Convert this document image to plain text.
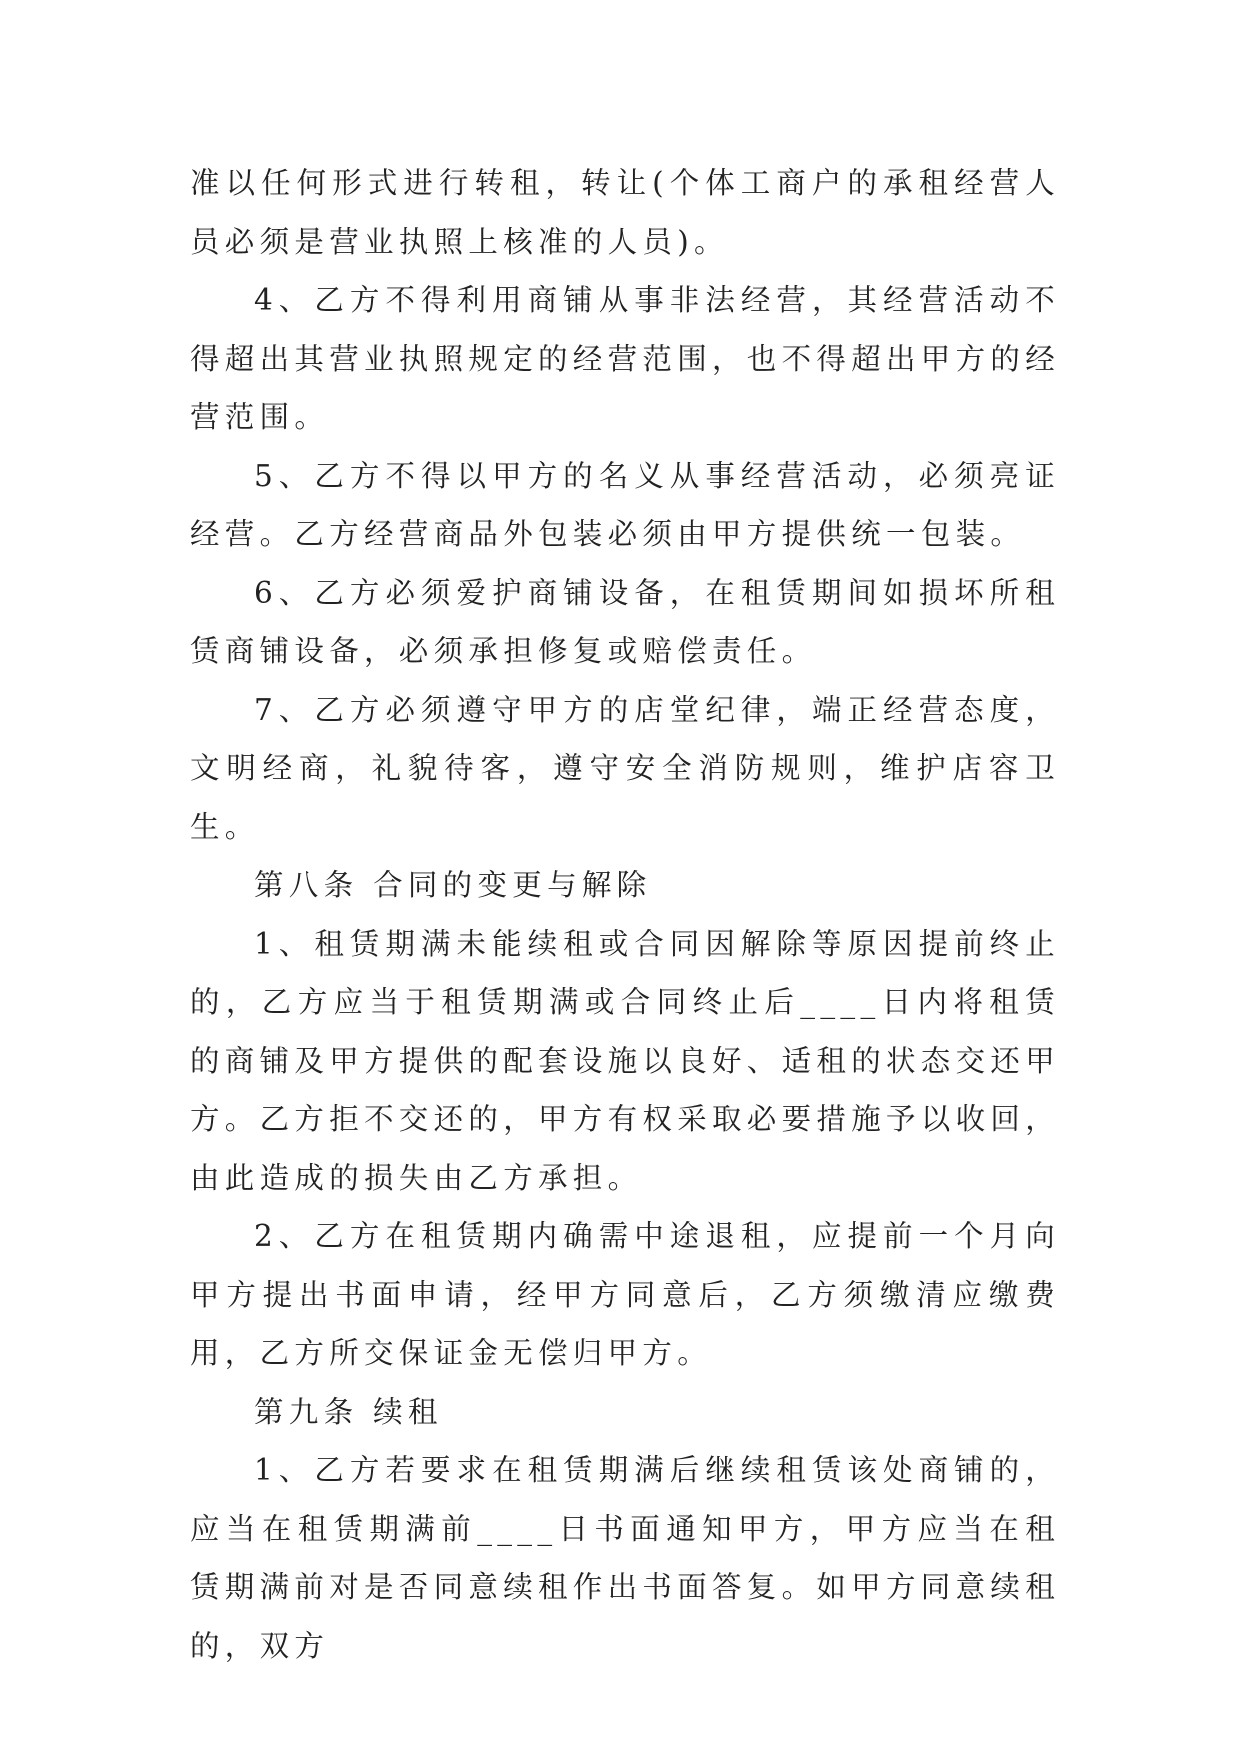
准以任何形式进行转租，转让(个体工商户的承租经营人员必须是营业执照上核准的人员)。

4、乙方不得利用商铺从事非法经营，其经营活动不得超出其营业执照规定的经营范围，也不得超出甲方的经营范围。

5、乙方不得以甲方的名义从事经营活动，必须亮证经营。乙方经营商品外包装必须由甲方提供统一包装。

6、乙方必须爱护商铺设备，在租赁期间如损坏所租赁商铺设备，必须承担修复或赔偿责任。

7、乙方必须遵守甲方的店堂纪律，端正经营态度，文明经商，礼貌待客，遵守安全消防规则，维护店容卫生。

第八条 合同的变更与解除

1、租赁期满未能续租或合同因解除等原因提前终止的，乙方应当于租赁期满或合同终止后____日内将租赁的商铺及甲方提供的配套设施以良好、适租的状态交还甲方。乙方拒不交还的，甲方有权采取必要措施予以收回，由此造成的损失由乙方承担。

2、乙方在租赁期内确需中途退租，应提前一个月向甲方提出书面申请，经甲方同意后，乙方须缴清应缴费用，乙方所交保证金无偿归甲方。

第九条 续租

1、乙方若要求在租赁期满后继续租赁该处商铺的，应当在租赁期满前____日书面通知甲方，甲方应当在租赁期满前对是否同意续租作出书面答复。如甲方同意续租的，双方
